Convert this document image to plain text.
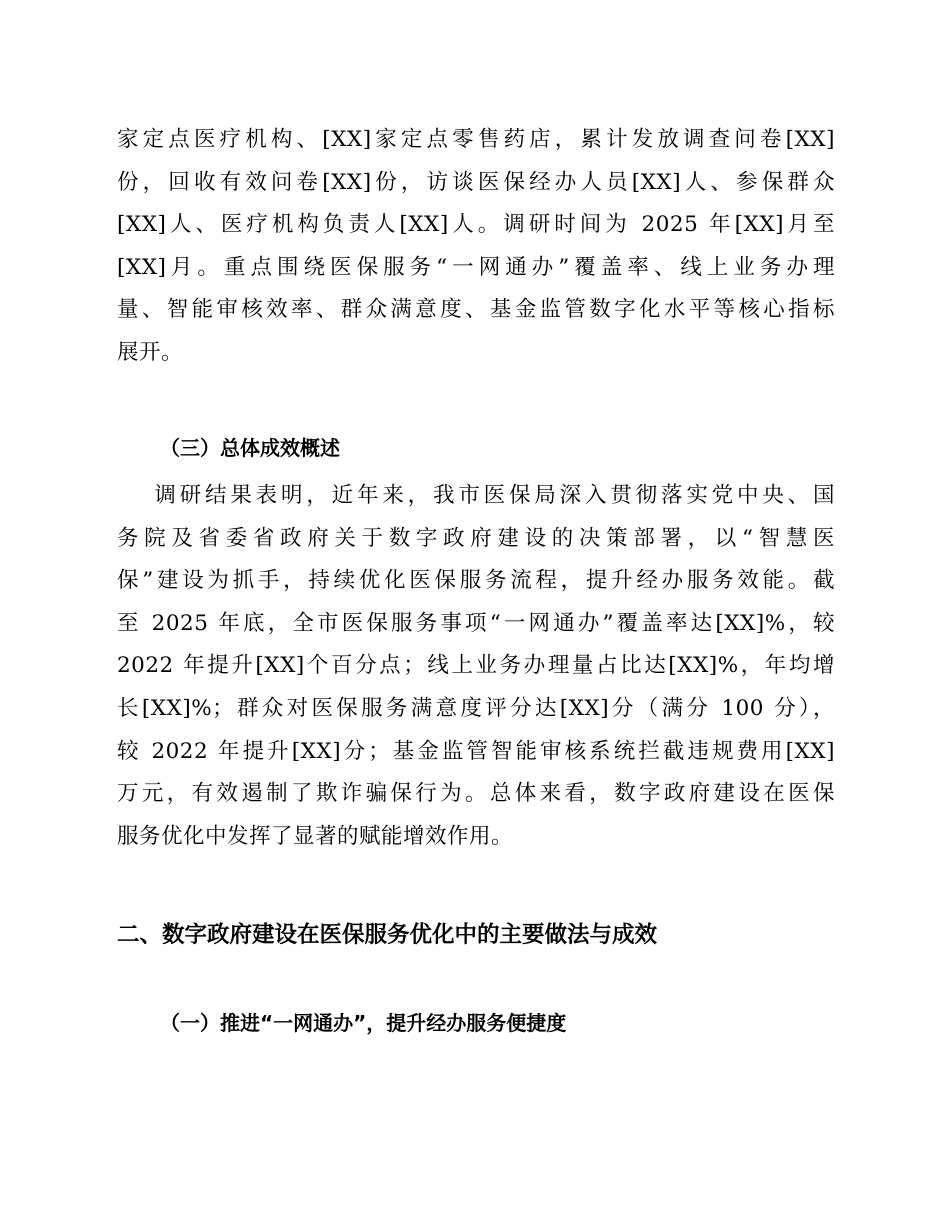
家定点医疗机构、[XX]家定点零售药店，累计发放调查问卷[XX]
份，回收有效问卷[XX]份，访谈医保经办人员[XX]人、参保群众
[XX]人、医疗机构负责人[XX]人。调研时间为 2025 年[XX]月至
[XX]月。重点围绕医保服务“一网通办”覆盖率、线上业务办理
量、智能审核效率、群众满意度、基金监管数字化水平等核心指标
展开。
（三）总体成效概述
　调研结果表明，近年来，我市医保局深入贯彻落实党中央、国
务院及省委省政府关于数字政府建设的决策部署，以“智慧医
保”建设为抓手，持续优化医保服务流程，提升经办服务效能。截
至 2025 年底，全市医保服务事项“一网通办”覆盖率达[XX]%，较
2022 年提升[XX]个百分点；线上业务办理量占比达[XX]%，年均增
长[XX]%；群众对医保服务满意度评分达[XX]分（满分 100 分），
较 2022 年提升[XX]分；基金监管智能审核系统拦截违规费用[XX]
万元，有效遏制了欺诈骗保行为。总体来看，数字政府建设在医保
服务优化中发挥了显著的赋能增效作用。
二、数字政府建设在医保服务优化中的主要做法与成效
（一）推进“一网通办”，提升经办服务便捷度
